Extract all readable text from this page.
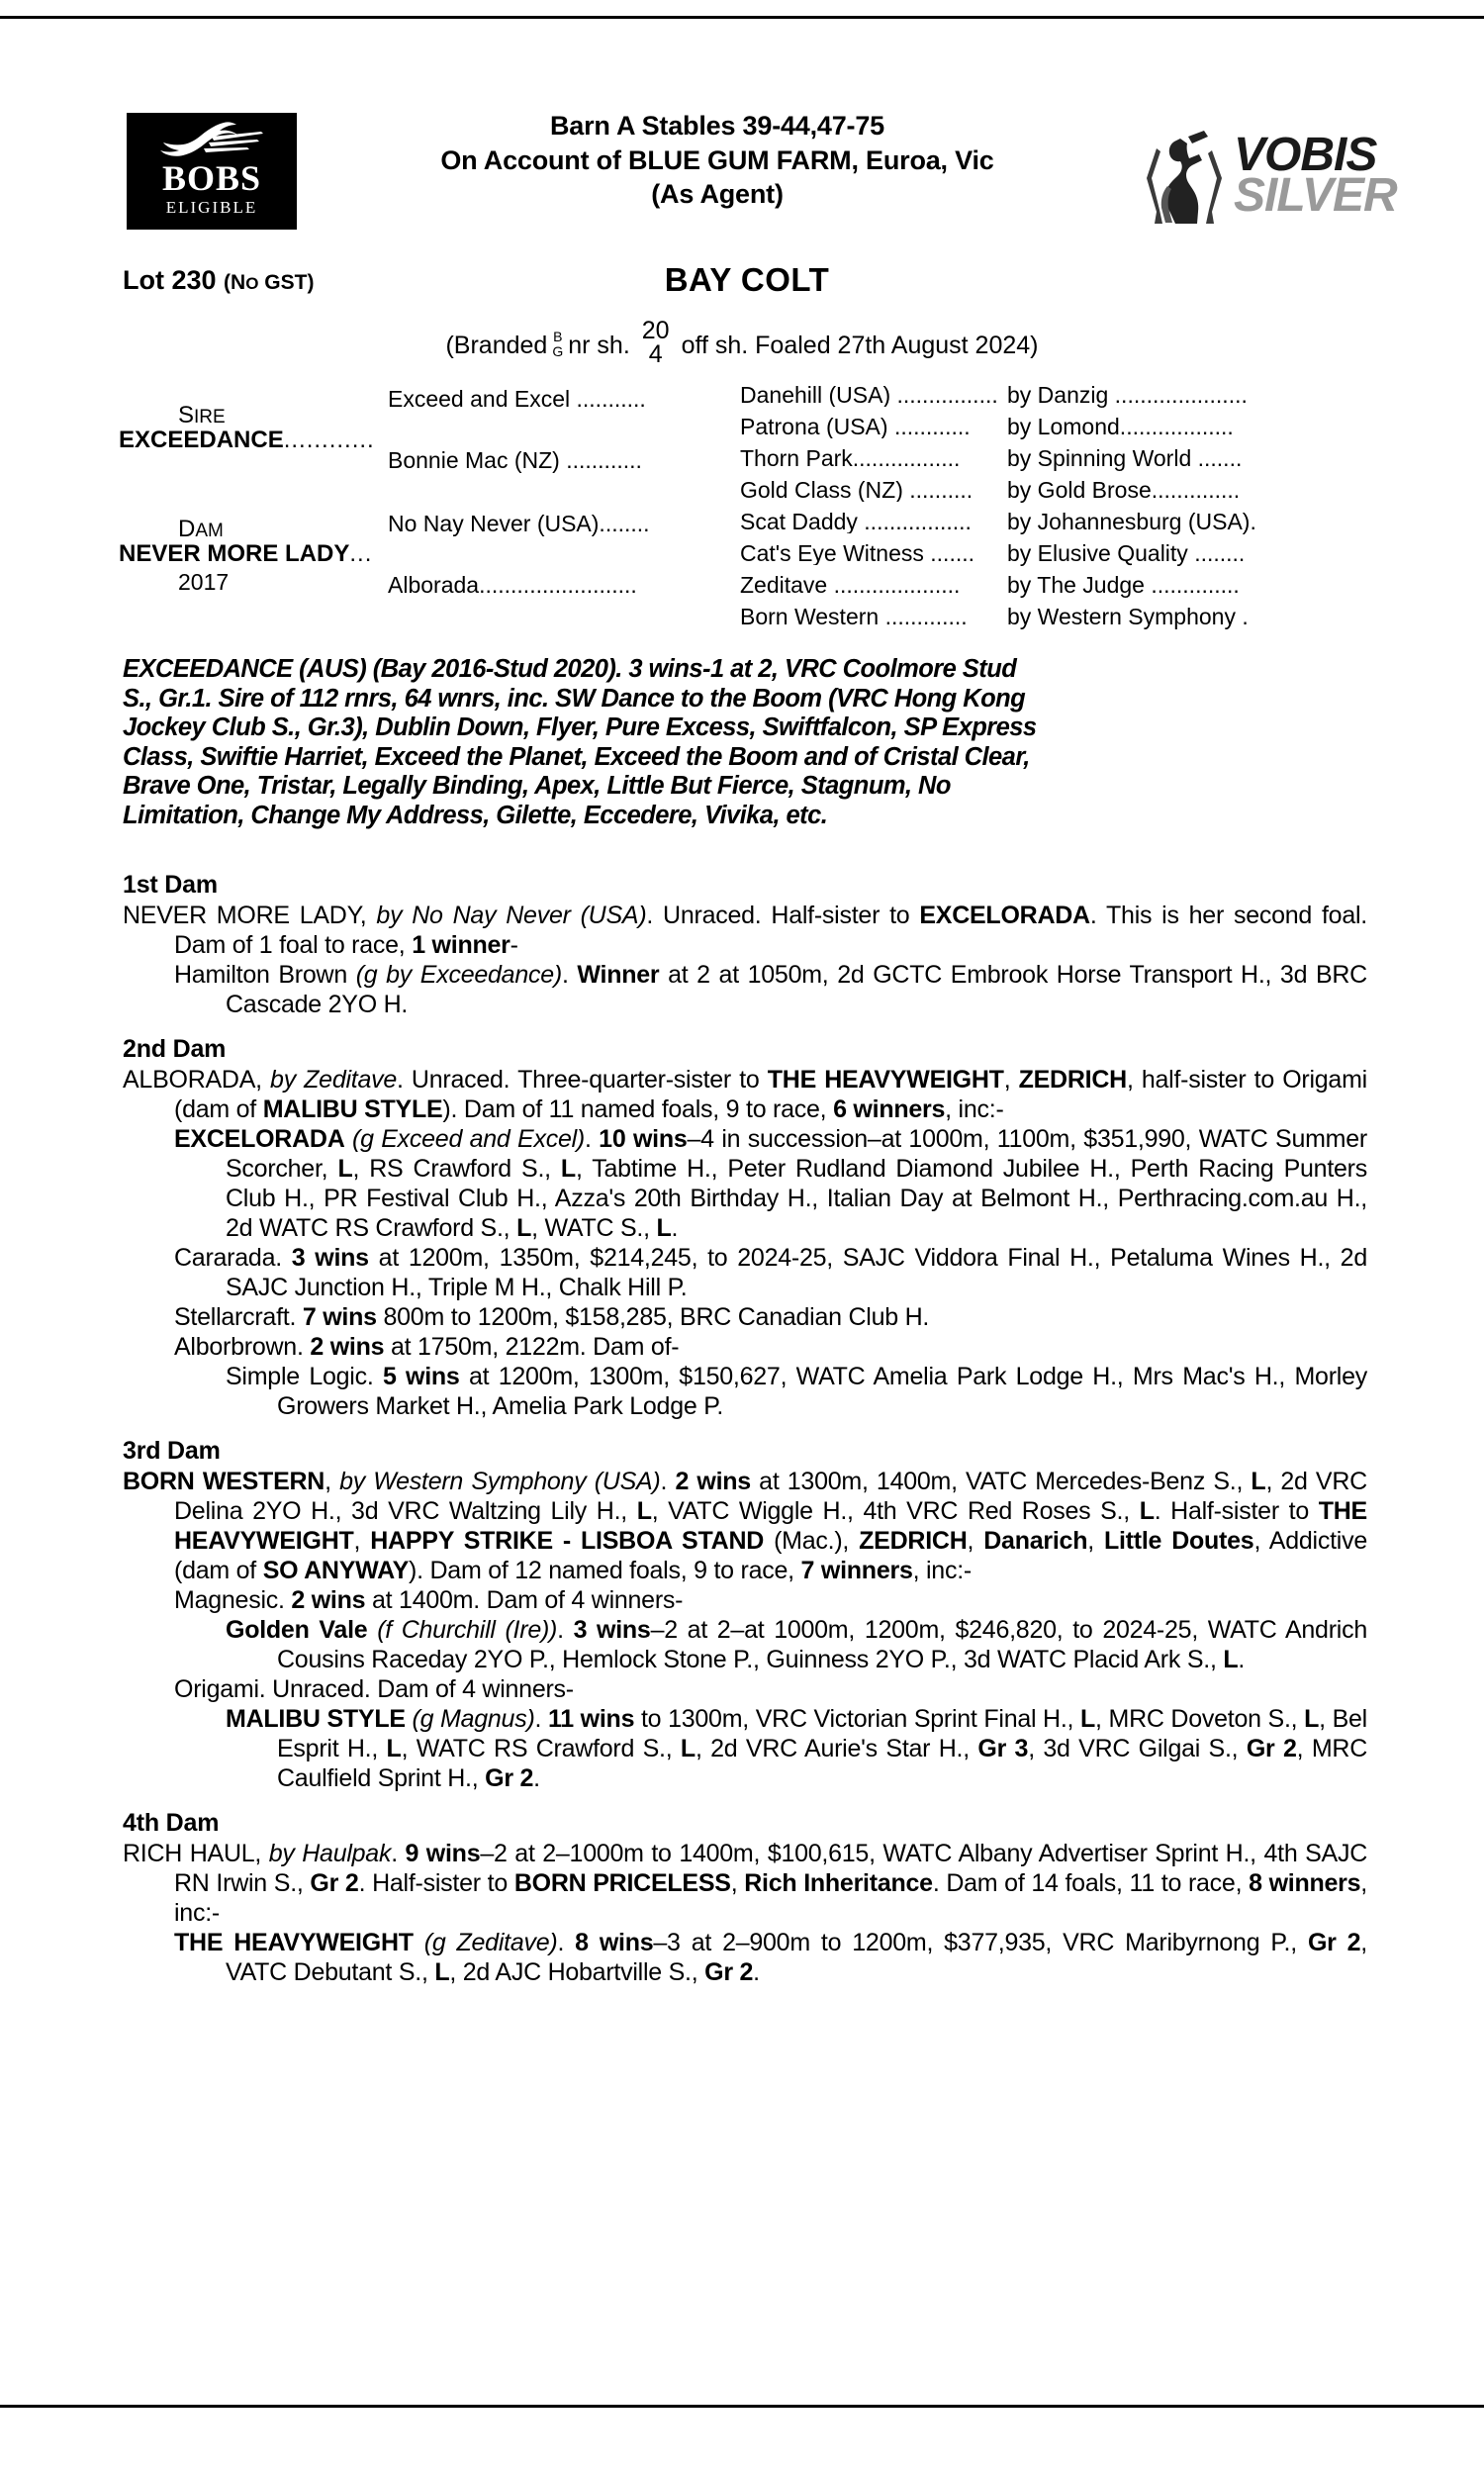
BOBS
ELIGIBLE
Barn A Stables 39-44,47-75
On Account of BLUE GUM FARM, Euroa, Vic
(As Agent)
VOBIS
SILVER
Lot 230 (NO GST)	BAY COLT
(Branded B
G nr sh.
20
4 off sh. Foaled 27th August 2024)
SIRE
EXCEEDANCE............
DAM
NEVER MORE LADY...
2017
Exceed and Excel ...........
Bonnie Mac (NZ) ............
No Nay Never (USA)........
Alborada.........................
Danehill (USA) ................ by Danzig .....................
Patrona (USA) ............	by Lomond..................
Thorn Park.................	by Spinning World .......
Gold Class (NZ) ..........	by Gold Brose..............
Scat Daddy .................	by Johannesburg (USA).
Cat's Eye Witness .......	by Elusive Quality ........
Zeditave ....................	by The Judge ..............
Born Western .............	by Western Symphony .
EXCEEDANCE (AUS) (Bay 2016-Stud 2020). 3 wins-1 at 2, VRC Coolmore Stud
S., Gr.1. Sire of 112 rnrs, 64 wnrs, inc. SW Dance to the Boom (VRC Hong Kong
Jockey Club S., Gr.3), Dublin Down, Flyer, Pure Excess, Swiftfalcon, SP Express
Class, Swiftie Harriet, Exceed the Planet, Exceed the Boom and of Cristal Clear,
Brave One, Tristar, Legally Binding, Apex, Little But Fierce, Stagnum, No
Limitation, Change My Address, Gilette, Eccedere, Vivika, etc.
1st Dam
NEVER MORE LADY, by No Nay Never (USA). Unraced. Half-sister to EXCELORADA. This is her second foal. Dam of 1 foal to race, 1 winner-
Hamilton Brown (g by Exceedance). Winner at 2 at 1050m, 2d GCTC Embrook Horse Transport H., 3d BRC Cascade 2YO H.
2nd Dam
ALBORADA, by Zeditave. Unraced. Three-quarter-sister to THE HEAVYWEIGHT, ZEDRICH, half-sister to Origami (dam of MALIBU STYLE). Dam of 11 named foals, 9 to race, 6 winners, inc:-
EXCELORADA (g Exceed and Excel). 10 wins–4 in succession–at 1000m, 1100m, $351,990, WATC Summer Scorcher, L, RS Crawford S., L, Tabtime H., Peter Rudland Diamond Jubilee H., Perth Racing Punters Club H., PR Festival Club H., Azza's 20th Birthday H., Italian Day at Belmont H., Perthracing.com.au H., 2d WATC RS Crawford S., L, WATC S., L.
Cararada. 3 wins at 1200m, 1350m, $214,245, to 2024-25, SAJC Viddora Final H., Petaluma Wines H., 2d SAJC Junction H., Triple M H., Chalk Hill P.
Stellarcraft. 7 wins 800m to 1200m, $158,285, BRC Canadian Club H.
Alborbrown. 2 wins at 1750m, 2122m. Dam of-
Simple Logic. 5 wins at 1200m, 1300m, $150,627, WATC Amelia Park Lodge H., Mrs Mac's H., Morley Growers Market H., Amelia Park Lodge P.
3rd Dam
BORN WESTERN, by Western Symphony (USA). 2 wins at 1300m, 1400m, VATC Mercedes-Benz S., L, 2d VRC Delina 2YO H., 3d VRC Waltzing Lily H., L, VATC Wiggle H., 4th VRC Red Roses S., L. Half-sister to THE HEAVYWEIGHT, HAPPY STRIKE - LISBOA STAND (Mac.), ZEDRICH, Danarich, Little Doutes, Addictive (dam of SO ANYWAY). Dam of 12 named foals, 9 to race, 7 winners, inc:-
Magnesic. 2 wins at 1400m. Dam of 4 winners-
Golden Vale (f Churchill (Ire)). 3 wins–2 at 2–at 1000m, 1200m, $246,820, to 2024-25, WATC Andrich Cousins Raceday 2YO P., Hemlock Stone P., Guinness 2YO P., 3d WATC Placid Ark S., L.
Origami. Unraced. Dam of 4 winners-
MALIBU STYLE (g Magnus). 11 wins to 1300m, VRC Victorian Sprint Final H., L, MRC Doveton S., L, Bel Esprit H., L, WATC RS Crawford S., L, 2d VRC Aurie's Star H., Gr 3, 3d VRC Gilgai S., Gr 2, MRC Caulfield Sprint H., Gr 2.
4th Dam
RICH HAUL, by Haulpak. 9 wins–2 at 2–1000m to 1400m, $100,615, WATC Albany Advertiser Sprint H., 4th SAJC RN Irwin S., Gr 2. Half-sister to BORN PRICELESS, Rich Inheritance. Dam of 14 foals, 11 to race, 8 winners, inc:-
THE HEAVYWEIGHT (g Zeditave). 8 wins–3 at 2–900m to 1200m, $377,935, VRC Maribyrnong P., Gr 2, VATC Debutant S., L, 2d AJC Hobartville S., Gr 2.
